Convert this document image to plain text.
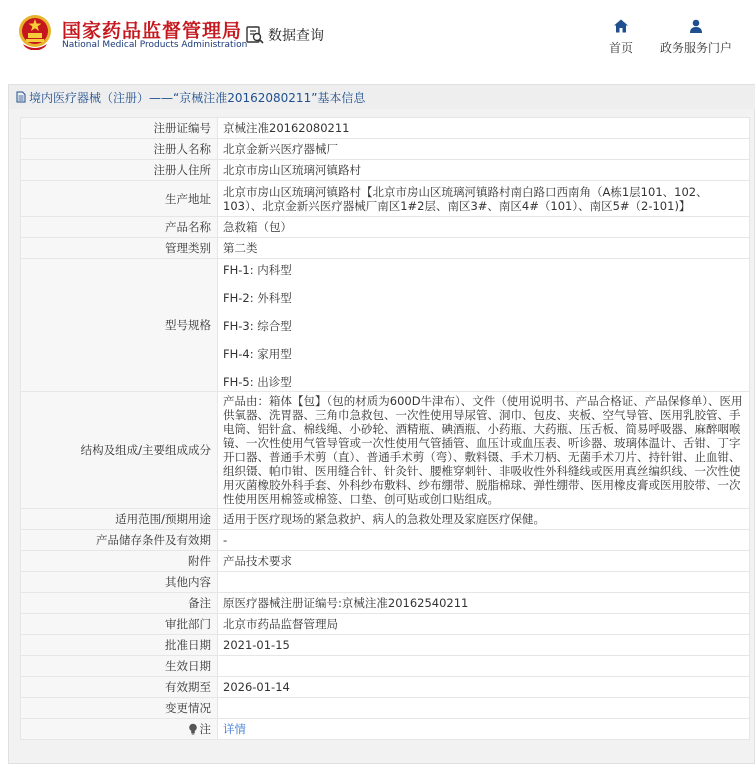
国家药品监督管理局
National Medical Products Administration
数据查询
首页 政务服务门户
境内医疗器械（注册）——“京械注准20162080211”基本信息
注册证编号	京械注准20162080211
注册人名称	北京金新兴医疗器械厂
注册人住所	北京市房山区琉璃河镇路村
生产地址	北京市房山区琉璃河镇路村【北京市房山区琉璃河镇路村南白路口西南角（A栋1层101、102、103）、北京金新兴医疗器械厂南区1#2层、南区3#、南区4#（101）、南区5#（2-101)】
产品名称	急救箱（包）
管理类别	第二类
型号规格	FH-1: 内科型
FH-2: 外科型
FH-3: 综合型
FH-4: 家用型
FH-5: 出诊型

结构及组成/主要组成成分	产品由：箱体【包】（包的材质为600D牛津布）、文件（使用说明书、产品合格证、产品保修单）、医用供氧器、洗胃器、三角巾急救包、一次性使用导尿管、洞巾、包皮、夹板、空气导管、医用乳胶管、手电筒、铝针盒、棉线绳、小砂轮、酒精瓶、碘酒瓶、小药瓶、大药瓶、压舌板、简易呼吸器、麻醉咽喉镜、一次性使用气管导管或一次性使用气管插管、血压计或血压表、听诊器、玻璃体温计、舌钳、丁字开口器、普通手术剪（直）、普通手术剪（弯）、敷料镊、手术刀柄、无菌手术刀片、持针钳、止血钳、组织镊、帕巾钳、医用缝合针、针灸针、腰椎穿刺针、非吸收性外科缝线或医用真丝编织线、一次性使用灭菌橡胶外科手套、外科纱布敷料、纱布绷带、脱脂棉球、弹性绷带、医用橡皮膏或医用胶带、一次性使用医用棉签或棉签、口垫、创可贴或创口贴组成。
适用范围/预期用途	适用于医疗现场的紧急救护、病人的急救处理及家庭医疗保健。
产品储存条件及有效期	-
附件	产品技术要求
其他内容	
备注	原医疗器械注册证编号:京械注准20162540211
审批部门	北京市药品监督管理局
批准日期	2021-01-15
生效日期	
有效期至	2026-01-14
变更情况	
注	详情
